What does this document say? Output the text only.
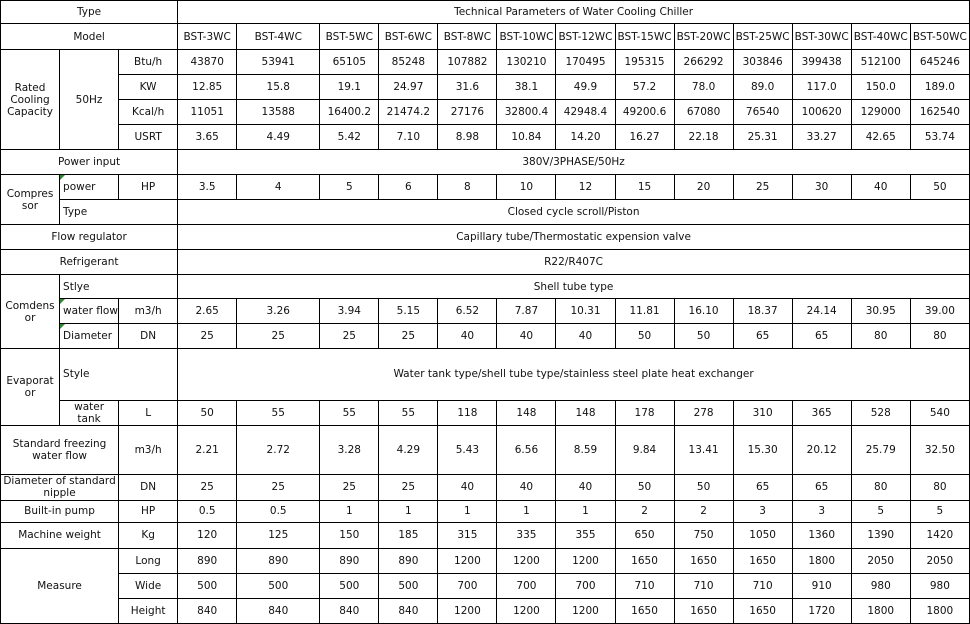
Type			Technical Parameters of Water Cooling Chiller												
Model			BST-3WC	BST-4WC	BST-5WC	BST-6WC	BST-8WC	BST-10WC	BST-12WC	BST-15WC	BST-20WC	BST-25WC	BST-30WC	BST-40WC	BST-50WC
Rated Cooling Capacity	50Hz	Btu/h	43870	53941	65105	85248	107882	130210	170495	195315	266292	303846	399438	512100	645246
		KW	12.85	15.8	19.1	24.97	31.6	38.1	49.9	57.2	78.0	89.0	117.0	150.0	189.0
		Kcal/h	11051	13588	16400.2	21474.2	27176	32800.4	42948.4	49200.6	67080	76540	100620	129000	162540
		USRT	3.65	4.49	5.42	7.10	8.98	10.84	14.20	16.27	22.18	25.31	33.27	42.65	53.74
Power input			380V/3PHASE/50Hz												
Compres sor	power	HP	3.5	4	5	6	8	10	12	15	20	25	30	40	50
	Type		Closed cycle scroll/Piston												
Flow regulator			Capillary tube/Thermostatic expension valve												
Refrigerant			R22/R407C												
Comdens or	Stlye		Shell tube type												
	water flow	m3/h	2.65	3.26	3.94	5.15	6.52	7.87	10.31	11.81	16.10	18.37	24.14	30.95	39.00
	Diameter	DN	25	25	25	25	40	40	40	50	50	65	65	80	80
Evaporat or	Style		Water tank type/shell tube type/stainless steel plate heat exchanger												
	water tank	L	50	55	55	55	118	148	148	178	278	310	365	528	540
Standard freezing water flow		m3/h	2.21	2.72	3.28	4.29	5.43	6.56	8.59	9.84	13.41	15.30	20.12	25.79	32.50
Diameter of standard nipple		DN	25	25	25	25	40	40	40	50	50	65	65	80	80
Built-in pump		HP	0.5	0.5	1	1	1	1	1	2	2	3	3	5	5
Machine weight		Kg	120	125	150	185	315	335	355	650	750	1050	1360	1390	1420
Measure		Long	890	890	890	890	1200	1200	1200	1650	1650	1650	1800	2050	2050
		Wide	500	500	500	500	700	700	700	710	710	710	910	980	980
		Height	840	840	840	840	1200	1200	1200	1650	1650	1650	1720	1800	1800
